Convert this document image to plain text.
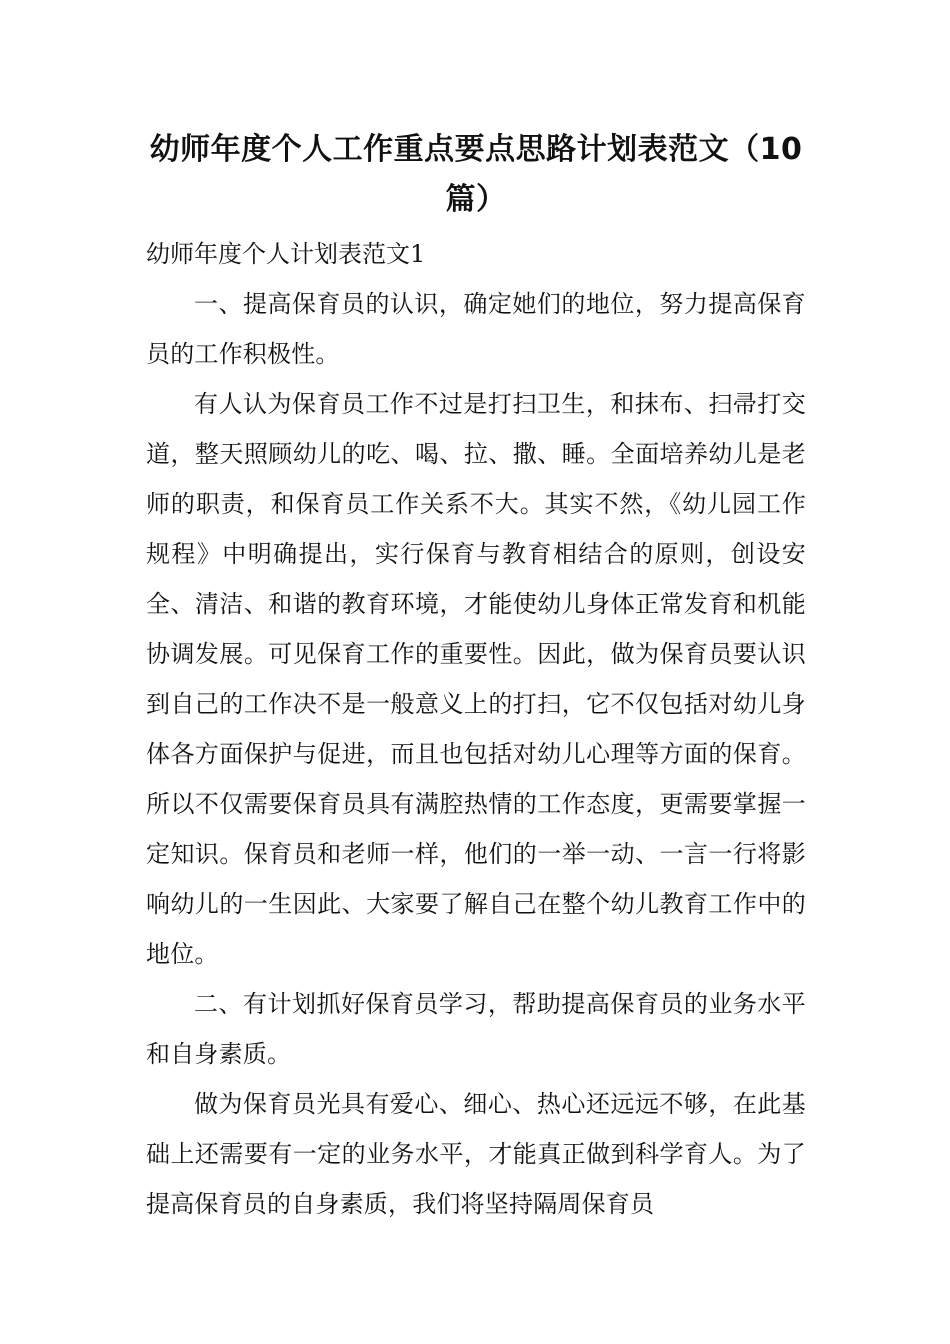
幼师年度个人工作重点要点思路计划表范文（10篇）

幼师年度个人计划表范文1

一、提高保育员的认识，确定她们的地位，努力提高保育员的工作积极性。

有人认为保育员工作不过是打扫卫生，和抹布、扫帚打交道，整天照顾幼儿的吃、喝、拉、撒、睡。全面培养幼儿是老师的职责，和保育员工作关系不大。其实不然，《幼儿园工作规程》中明确提出，实行保育与教育相结合的原则，创设安全、清洁、和谐的教育环境，才能使幼儿身体正常发育和机能协调发展。可见保育工作的重要性。因此，做为保育员要认识到自己的工作决不是一般意义上的打扫，它不仅包括对幼儿身体各方面保护与促进，而且也包括对幼儿心理等方面的保育。所以不仅需要保育员具有满腔热情的工作态度，更需要掌握一定知识。保育员和老师一样，他们的一举一动、一言一行将影响幼儿的一生因此、大家要了解自己在整个幼儿教育工作中的地位。

二、有计划抓好保育员学习，帮助提高保育员的业务水平和自身素质。

做为保育员光具有爱心、细心、热心还远远不够，在此基础上还需要有一定的业务水平，才能真正做到科学育人。为了提高保育员的自身素质，我们将坚持隔周保育员
